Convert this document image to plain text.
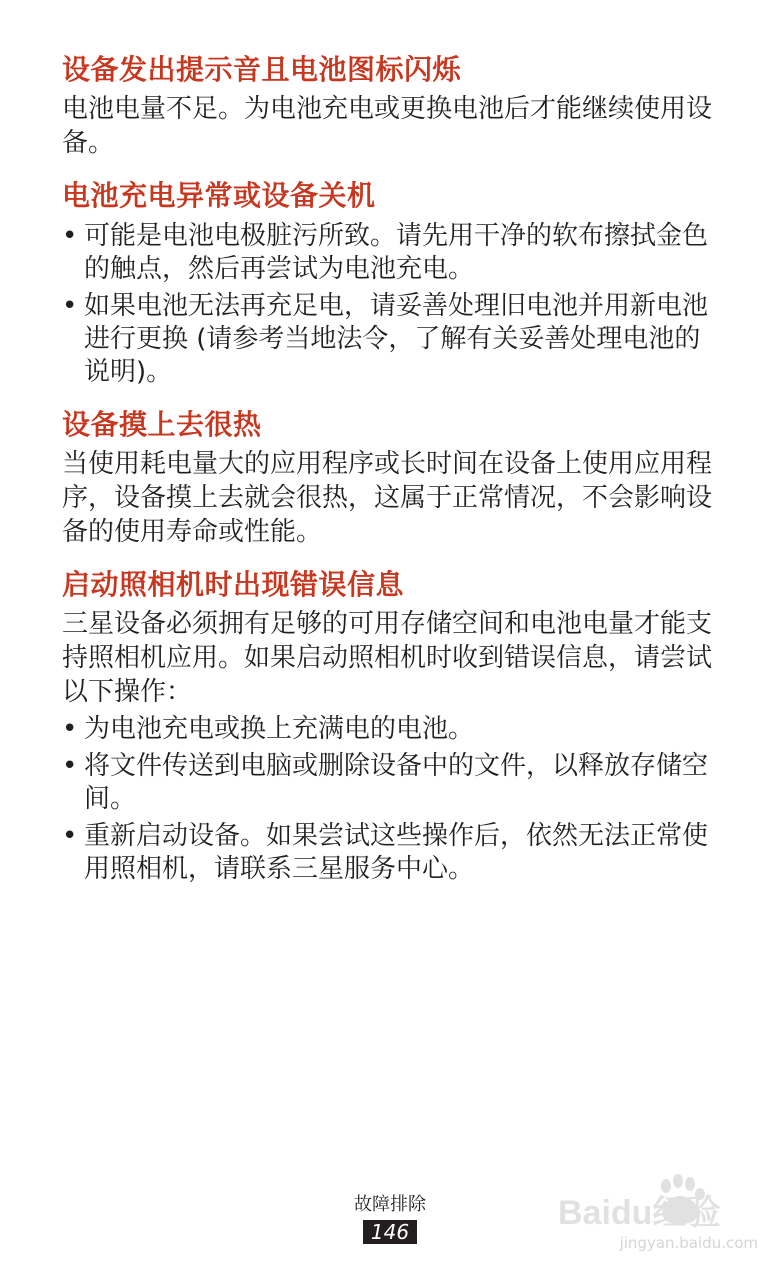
设备发出提示音且电池图标闪烁

电池电量不足。为电池充电或更换电池后才能继续使用设备。

电池充电异常或设备关机
• 可能是电池电极脏污所致。请先用干净的软布擦拭金色的触点，然后再尝试为电池充电。
• 如果电池无法再充足电，请妥善处理旧电池并用新电池进行更换 (请参考当地法令，了解有关妥善处理电池的说明)。
设备摸上去很热

当使用耗电量大的应用程序或长时间在设备上使用应用程序，设备摸上去就会很热，这属于正常情况，不会影响设备的使用寿命或性能。

启动照相机时出现错误信息

三星设备必须拥有足够的可用存储空间和电池电量才能支持照相机应用。如果启动照相机时收到错误信息，请尝试以下操作：

• 为电池充电或换上充满电的电池。
• 将文件传送到电脑或删除设备中的文件，以释放存储空间。
• 重新启动设备。如果尝试这些操作后，依然无法正常使用照相机，请联系三星服务中心。
故障排除
146	Baidu经验
jingyan.baidu.com
